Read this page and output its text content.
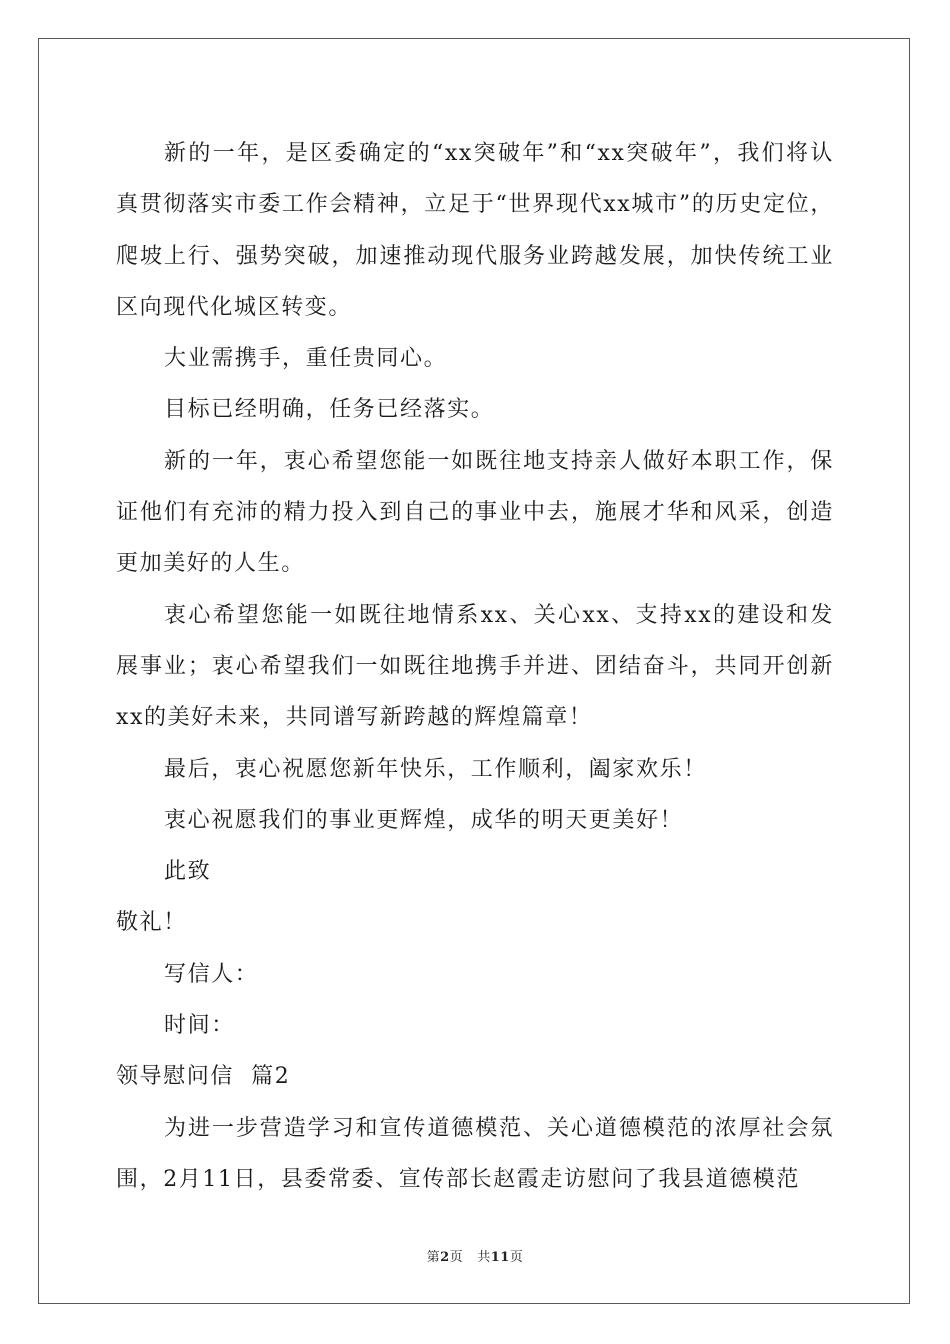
新的一年，是区委确定的“xx突破年”和“xx突破年”，我们将认真贯彻落实市委工作会精神，立足于“世界现代xx城市”的历史定位，爬坡上行、强势突破，加速推动现代服务业跨越发展，加快传统工业区向现代化城区转变。

大业需携手，重任贵同心。

目标已经明确，任务已经落实。

新的一年，衷心希望您能一如既往地支持亲人做好本职工作，保证他们有充沛的精力投入到自己的事业中去，施展才华和风采，创造更加美好的人生。

衷心希望您能一如既往地情系xx、关心xx、支持xx的建设和发展事业；衷心希望我们一如既往地携手并进、团结奋斗，共同开创新xx的美好未来，共同谱写新跨越的辉煌篇章！

最后，衷心祝愿您新年快乐，工作顺利，阖家欢乐！

衷心祝愿我们的事业更辉煌，成华的明天更美好！

此致

敬礼！

写信人：

时间：

领导慰问信  篇2

为进一步营造学习和宣传道德模范、关心道德模范的浓厚社会氛围，2月11日，县委常委、宣传部长赵霞走访慰问了我县道德模范

第2页 共11页
